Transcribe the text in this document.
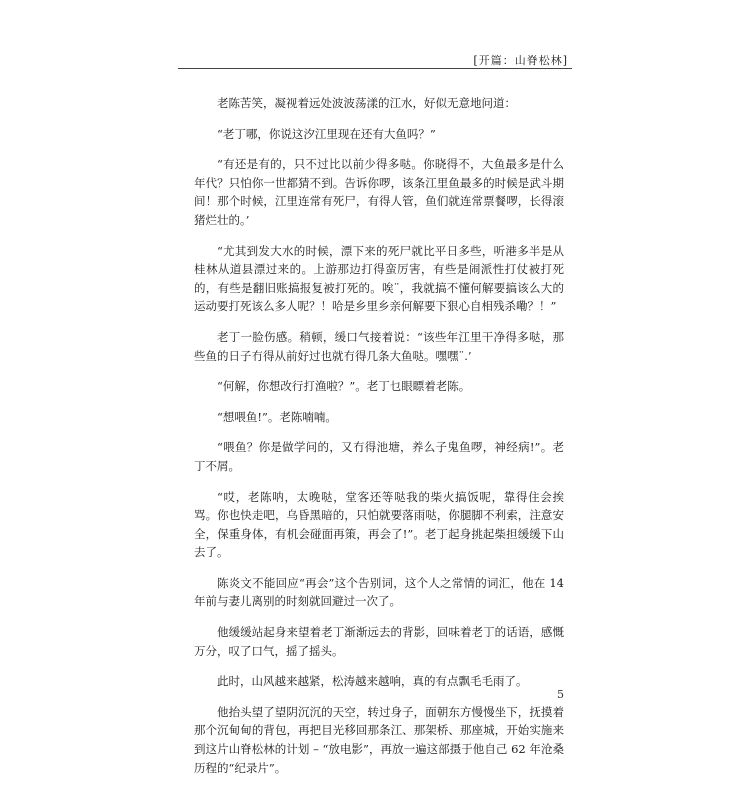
[开篇：山脊松林]

老陈苦笑，凝视着远处波波荡漾的江水，好似无意地问道：

“老丁哪，你说这汐江里现在还有大鱼吗？”

“有还是有的，只不过比以前少得多哒。你晓得不，大鱼最多是什么年代？只怕你一世都猜不到。告诉你啰，该条江里鱼最多的时候是武斗期间！那个时候，江里连常有死尸，有得人管，鱼们就连常票餐啰，长得滚猪烂壮的。’

“尤其到发大水的时候，漂下来的死尸就比平日多些，听港多半是从桂林从道县漂过来的。上游那边打得蛮厉害，有些是闹派性打仗被打死的，有些是翻旧账搞报复被打死的。唉¨，我就搞不懂何解要搞该么大的运动要打死该么多人呢？！哈是乡里乡亲何解要下狠心自相残杀嘞？！”

老丁一脸伤感。稍顿，缓口气接着说：“该些年江里干净得多哒，那些鱼的日子冇得从前好过也就冇得几条大鱼哒。嘿嘿¨.’

“何解，你想改行打渔啦？”。老丁乜眼瞟着老陈。

“想喂鱼!”。老陈喃喃。

“喂鱼？你是做学问的，又冇得池塘，养么子鬼鱼啰，神经病!”。老丁不屑。

“哎，老陈呐，太晚哒，堂客还等哒我的柴火搞饭呢，靠得住会挨骂。你也快走吧，乌昏黑暗的，只怕就要落雨哒，你腿脚不利索，注意安全，保重身体，有机会碰面再策，再会了!”。老丁起身挑起柴担缓缓下山去了。

陈炎文不能回应“再会”这个告别词，这个人之常情的词汇，他在 14 年前与妻儿离别的时刻就回避过一次了。

他缓缓站起身来望着老丁渐渐远去的背影，回味着老丁的话语，感慨万分，叹了口气，摇了摇头。

此时，山风越来越紧，松涛越来越响，真的有点飘毛毛雨了。

他抬头望了望阴沉沉的天空，转过身子，面朝东方慢慢坐下，抚摸着那个沉甸甸的背包，再把目光移回那条江、那架桥、那座城，开始实施来到这片山脊松林的计划 – “放电影”，再放一遍这部摄于他自己 62 年沧桑历程的“纪录片”。

5
